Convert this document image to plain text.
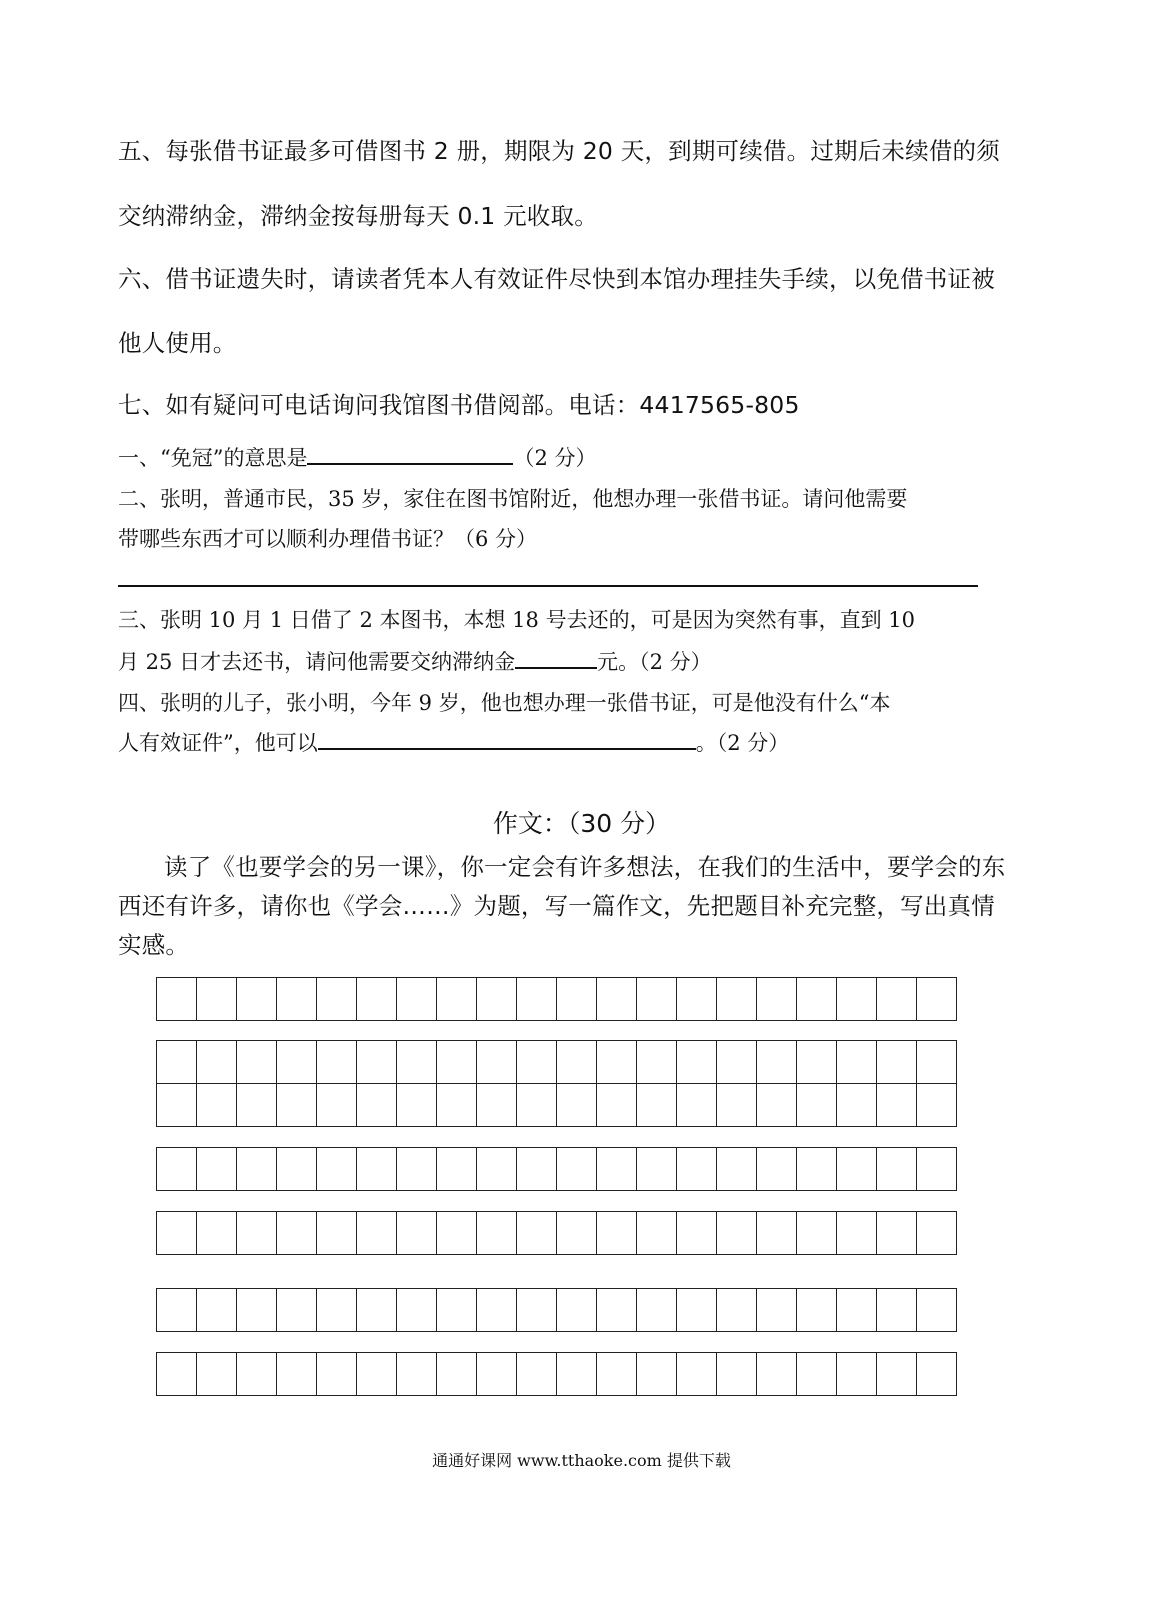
五、每张借书证最多可借图书 2 册，期限为 20 天，到期可续借。过期后未续借的须
交纳滞纳金，滞纳金按每册每天 0.1 元收取。
六、借书证遗失时，请读者凭本人有效证件尽快到本馆办理挂失手续，以免借书证被
他人使用。
七、如有疑问可电话询问我馆图书借阅部。电话：4417565-805
一、“免冠”的意思是	（2 分）
二、张明，普通市民，35 岁，家住在图书馆附近，他想办理一张借书证。请问他需要
带哪些东西才可以顺利办理借书证？（6 分）
三、张明 10 月 1 日借了 2 本图书，本想 18 号去还的，可是因为突然有事，直到 10
月 25 日才去还书，请问他需要交纳滞纳金	元。（2 分）
四、张明的儿子，张小明，今年 9 岁，他也想办理一张借书证，可是他没有什么“本
人有效证件”，他可以	。（2 分）
作文：（30 分）
读了《也要学会的另一课》，你一定会有许多想法，在我们的生活中，要学会的东
西还有许多，请你也《学会……》为题，写一篇作文，先把题目补充完整，写出真情
实感。

通通好课网 www.tthaoke.com 提供下载
